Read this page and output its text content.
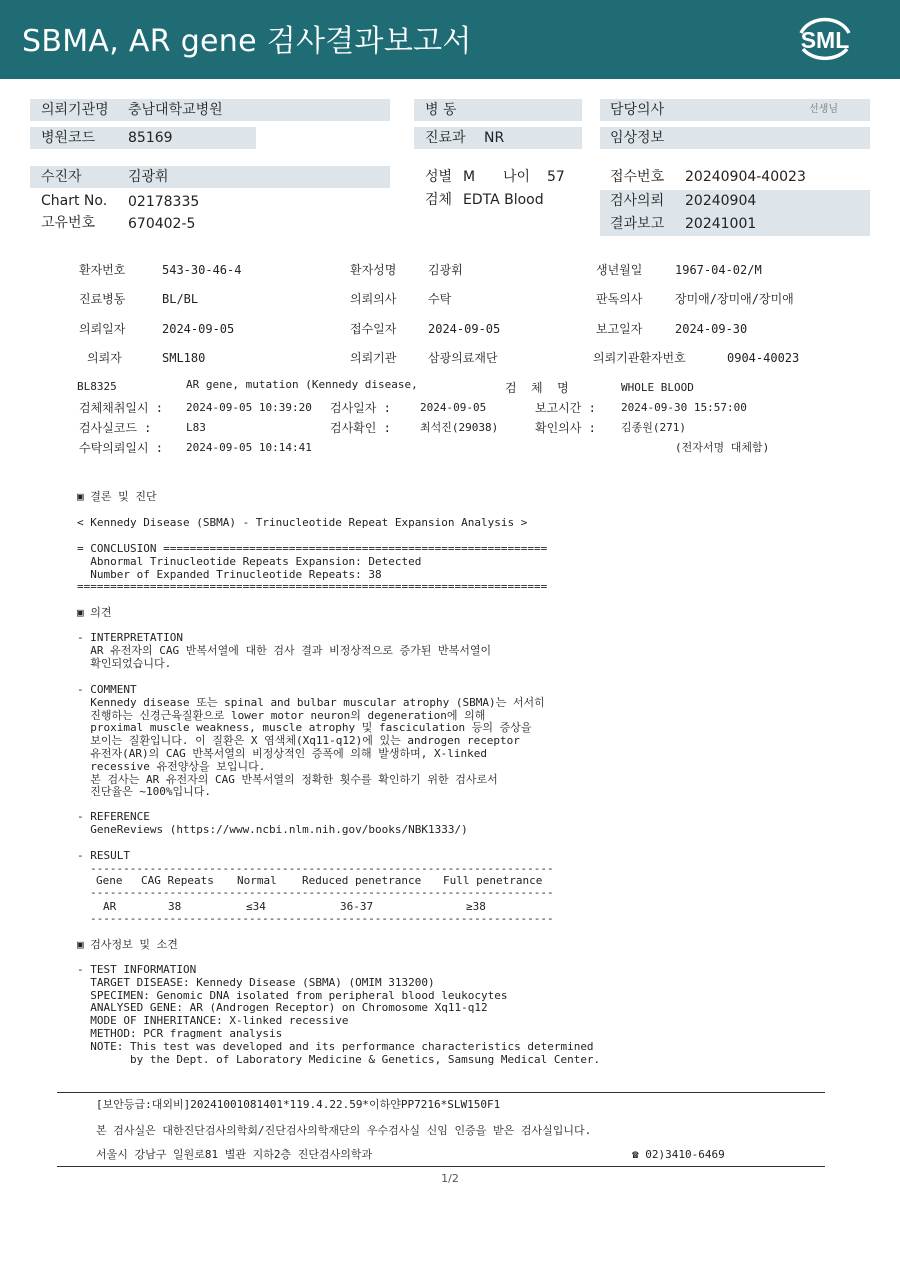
SBMA, AR gene 검사결과보고서	SML
의뢰기관명 충남대학교병원	병 동	담당의사	선생님
병원코드 85169	진료과 NR	임상정보
수진자	김광휘
Chart No. 02178335
고유번호 670402-5
성별 M 나이 57
검체 EDTA Blood
접수번호 20240904-40023
검사의뢰 20240904
결과보고 20241001
환자번호	543-30-46-4	환자성명	김광휘	생년월일	1967-04-02/M
진료병동	BL/BL	의뢰의사	수탁	판독의사	장미애/장미애/장미애
의뢰일자	2024-09-05	접수일자	2024-09-05	보고일자	2024-09-30
의뢰자	SML180	의뢰기관	삼광의료재단	의뢰기관환자번호	0904-40023
BL8325	AR gene, mutation (Kennedy disease,	검  체  명	WHOLE BLOOD
검체채취일시 : 2024-09-05 10:39:20 검사일자 :	2024-09-05	보고시간 : 2024-09-30 15:57:00
검사실코드 :	L83	검사확인 :	최석진(29038)	확인의사 : 김종원(271)
수탁의뢰일시 : 2024-09-05 10:14:41	(전자서명 대체함)
▣ 결론 및 진단
< Kennedy Disease (SBMA) - Trinucleotide Repeat Expansion Analysis >
= CONCLUSION ==========================================================
Abnormal Trinucleotide Repeats Expansion: Detected
Number of Expanded Trinucleotide Repeats: 38
=======================================================================
▣ 의견
- INTERPRETATION
AR 유전자의 CAG 반복서열에 대한 검사 결과 비정상적으로 증가된 반복서열이
확인되었습니다.
- COMMENT
Kennedy disease 또는 spinal and bulbar muscular atrophy (SBMA)는 서서히
진행하는 신경근육질환으로 lower motor neuron의 degeneration에 의해
proximal muscle weakness, muscle atrophy 및 fasciculation 등의 증상을
보이는 질환입니다. 이 질환은 X 염색체(Xq11-q12)에 있는 androgen receptor
유전자(AR)의 CAG 반복서열의 비정상적인 증폭에 의해 발생하며, X-linked
recessive 유전양상을 보입니다.
본 검사는 AR 유전자의 CAG 반복서열의 정확한 횟수를 확인하기 위한 검사로서
진단율은 ~100%입니다.
- REFERENCE
GeneReviews (https://www.ncbi.nlm.nih.gov/books/NBK1333/)
- RESULT
----------------------------------------------------------------------
Gene CAG Repeats Normal Reduced penetrance Full penetrance
----------------------------------------------------------------------
AR	38	≤34	36-37	≥38
----------------------------------------------------------------------
▣ 검사정보 및 소견
- TEST INFORMATION
TARGET DISEASE: Kennedy Disease (SBMA) (OMIM 313200)
SPECIMEN: Genomic DNA isolated from peripheral blood leukocytes
ANALYSED GENE: AR (Androgen Receptor) on Chromosome Xq11-q12
MODE OF INHERITANCE: X-linked recessive
METHOD: PCR fragment analysis
NOTE: This test was developed and its performance characteristics determined
by the Dept. of Laboratory Medicine & Genetics, Samsung Medical Center.
[보안등급:대외비]20241001081401*119.4.22.59*이하얀PP7216*SLW150F1
본 검사실은 대한진단검사의학회/진단검사의학재단의 우수검사실 신임 인증을 받은 검사실입니다.
서울시 강남구 일원로81 별관 지하2층 진단검사의학과	☎ 02)3410-6469
1/2
